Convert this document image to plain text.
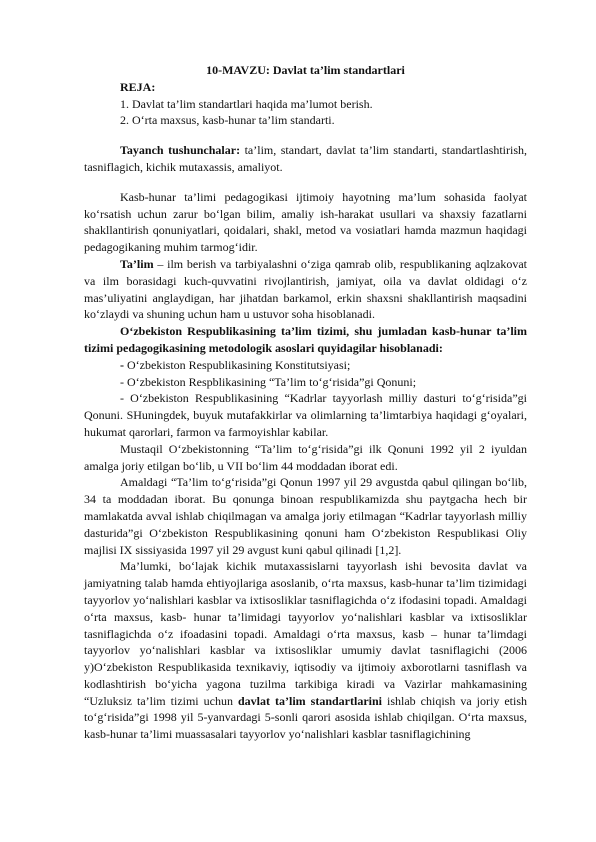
10-MAVZU: Davlat ta’lim standartlari

REJA:

1. Davlat ta’lim standartlari haqida ma’lumot berish.

2. O‘rta maxsus, kasb-hunar ta’lim standarti.

Tayanch tushunchalar: ta’lim, standart, davlat ta’lim standarti, standartlashtirish, tasniflagich, kichik mutaxassis, amaliyot.

Kasb-hunar ta’limi pedagogikasi ijtimoiy hayotning ma’lum sohasida faolyat ko‘rsatish uchun zarur bo‘lgan bilim, amaliy ish-harakat usullari va shaxsiy fazatlarni shakllantirish qonuniyatlari, qoidalari, shakl, metod va vosiatlari hamda mazmun haqidagi pedagogikaning muhim tarmog‘idir.

Ta’lim – ilm berish va tarbiyalashni o‘ziga qamrab olib, respublikaning aqlzakovat va ilm borasidagi kuch-quvvatini rivojlantirish, jamiyat, oila va davlat oldidagi o‘z mas’uliyatini anglaydigan, har jihatdan barkamol, erkin shaxsni shakllantirish maqsadini ko‘zlaydi va shuning uchun ham u ustuvor soha hisoblanadi.

O‘zbekiston Respublikasining ta’lim tizimi, shu jumladan kasb-hunar ta’lim tizimi pedagogikasining metodologik asoslari quyidagilar hisoblanadi:

- O‘zbekiston Respublikasining Konstitutsiyasi;

- O‘zbekiston Respblikasining “Ta’lim to‘g‘risida”gi Qonuni;

- O‘zbekiston Respublikasining “Kadrlar tayyorlash milliy dasturi to‘g‘risida”gi Qonuni. SHuningdek, buyuk mutafakkirlar va olimlarning ta’limtarbiya haqidagi g‘oyalari, hukumat qarorlari, farmon va farmoyishlar kabilar.

Mustaqil O‘zbekistonning “Ta’lim to‘g‘risida”gi ilk Qonuni 1992 yil 2 iyuldan amalga joriy etilgan bo‘lib, u VII bo‘lim 44 moddadan iborat edi.

Amaldagi “Ta’lim to‘g‘risida”gi Qonun 1997 yil 29 avgustda qabul qilingan bo‘lib, 34 ta moddadan iborat. Bu qonunga binoan respublikamizda shu paytgacha hech bir mamlakatda avval ishlab chiqilmagan va amalga joriy etilmagan “Kadrlar tayyorlash milliy dasturida”gi O‘zbekiston Respublikasining qonuni ham O‘zbekiston Respublikasi Oliy majlisi IX sissiyasida 1997 yil 29 avgust kuni qabul qilinadi [1,2].

Ma’lumki, bo‘lajak kichik mutaxassislarni tayyorlash ishi bevosita davlat va jamiyatning talab hamda ehtiyojlariga asoslanib, o‘rta maxsus, kasb-hunar ta’lim tizimidagi tayyorlov yo‘nalishlari kasblar va ixtisosliklar tasniflagichda o‘z ifodasini topadi. Amaldagi o‘rta maxsus, kasb- hunar ta’limidagi tayyorlov yo‘nalishlari kasblar va ixtisosliklar tasniflagichda o‘z ifoadasini topadi. Amaldagi o‘rta maxsus, kasb – hunar ta’limdagi tayyorlov yo‘nalishlari kasblar va ixtisosliklar umumiy davlat tasniflagichi (2006 y)O‘zbekiston Respublikasida texnikaviy, iqtisodiy va ijtimoiy axborotlarni tasniflash va kodlashtirish bo‘yicha yagona tuzilma tarkibiga kiradi va Vazirlar mahkamasining “Uzluksiz ta’lim tizimi uchun davlat ta’lim standartlarini ishlab chiqish va joriy etish to‘g‘risida”gi 1998 yil 5-yanvardagi 5-sonli qarori asosida ishlab chiqilgan. O‘rta maxsus, kasb-hunar ta’limi muassasalari tayyorlov yo‘nalishlari kasblar tasniflagichining
